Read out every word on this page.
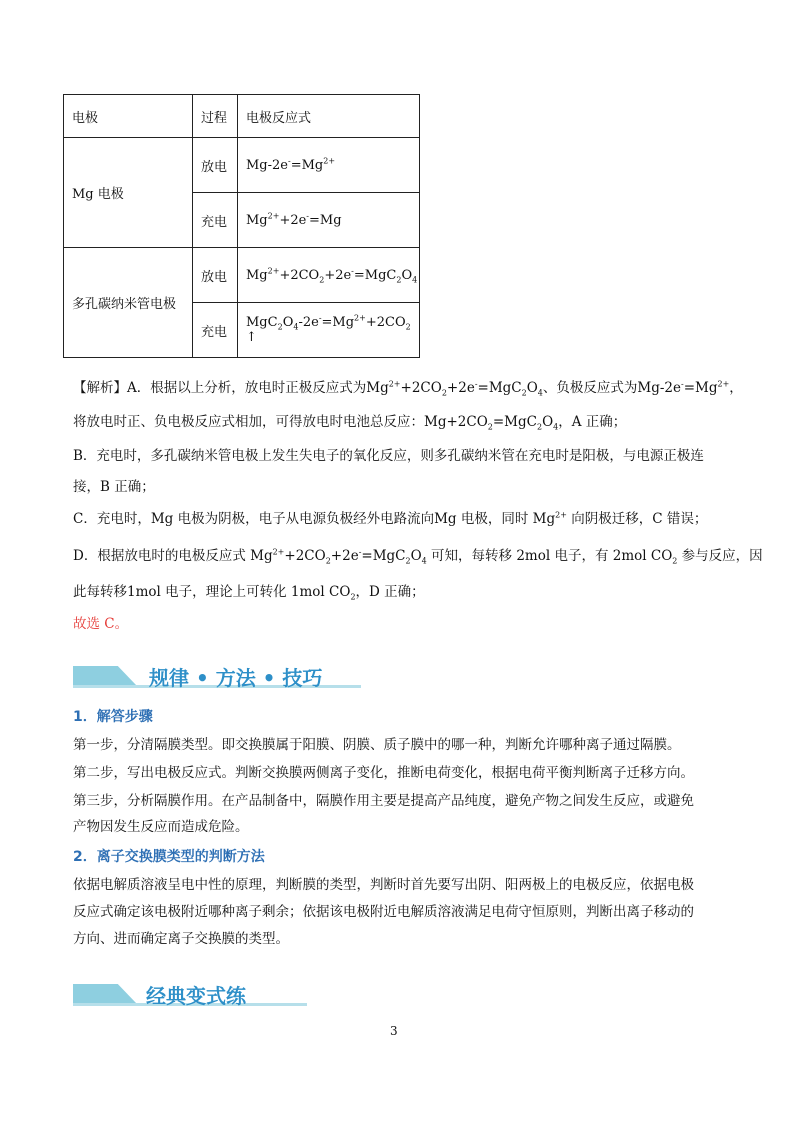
电极	过程	电极反应式
Mg 电极	放电	$Mg-2e^-=Mg^{2+}$
	充电	$Mg^{2+}+2e^-=Mg$
多孔碳纳米管电极	放电	$Mg^{2+}+2CO_2+2e^-=MgC_2O_4$
	充电	$MgC_2O_4-2e^-=Mg^{2+}+2CO_2$ ↑
【解析】A．根据以上分析，放电时正极反应式为$Mg^{2+}+2CO_2+2e^-=MgC_2O_4$、负极反应式为$Mg-2e^-=Mg^{2+}$，
将放电时正、负电极反应式相加，可得放电时电池总反应：$Mg+2CO_2=MgC_2O_4$，A 正确；
B．充电时，多孔碳纳米管电极上发生失电子的氧化反应，则多孔碳纳米管在充电时是阳极，与电源正极连
接，B 正确；
C．充电时，Mg 电极为阴极，电子从电源负极经外电路流向Mg 电极，同时 $Mg^{2+}$ 向阴极迁移，C 错误；
D．根据放电时的电极反应式 $Mg^{2+}+2CO_2+2e^-=MgC_2O_4$ 可知，每转移 2mol 电子，有 2mol $CO_2$ 参与反应，因
此每转移1mol 电子，理论上可转化 1mol $CO_2$，D 正确；
故选 C。
规律 • 方法 • 技巧
1．解答步骤
第一步，分清隔膜类型。即交换膜属于阳膜、阴膜、质子膜中的哪一种，判断允许哪种离子通过隔膜。
第二步，写出电极反应式。判断交换膜两侧离子变化，推断电荷变化，根据电荷平衡判断离子迁移方向。
第三步，分析隔膜作用。在产品制备中，隔膜作用主要是提高产品纯度，避免产物之间发生反应，或避免
产物因发生反应而造成危险。
2．离子交换膜类型的判断方法
依据电解质溶液呈电中性的原理，判断膜的类型，判断时首先要写出阴、阳两极上的电极反应，依据电极
反应式确定该电极附近哪种离子剩余；依据该电极附近电解质溶液满足电荷守恒原则，判断出离子移动的
方向、进而确定离子交换膜的类型。
经典变式练
3
